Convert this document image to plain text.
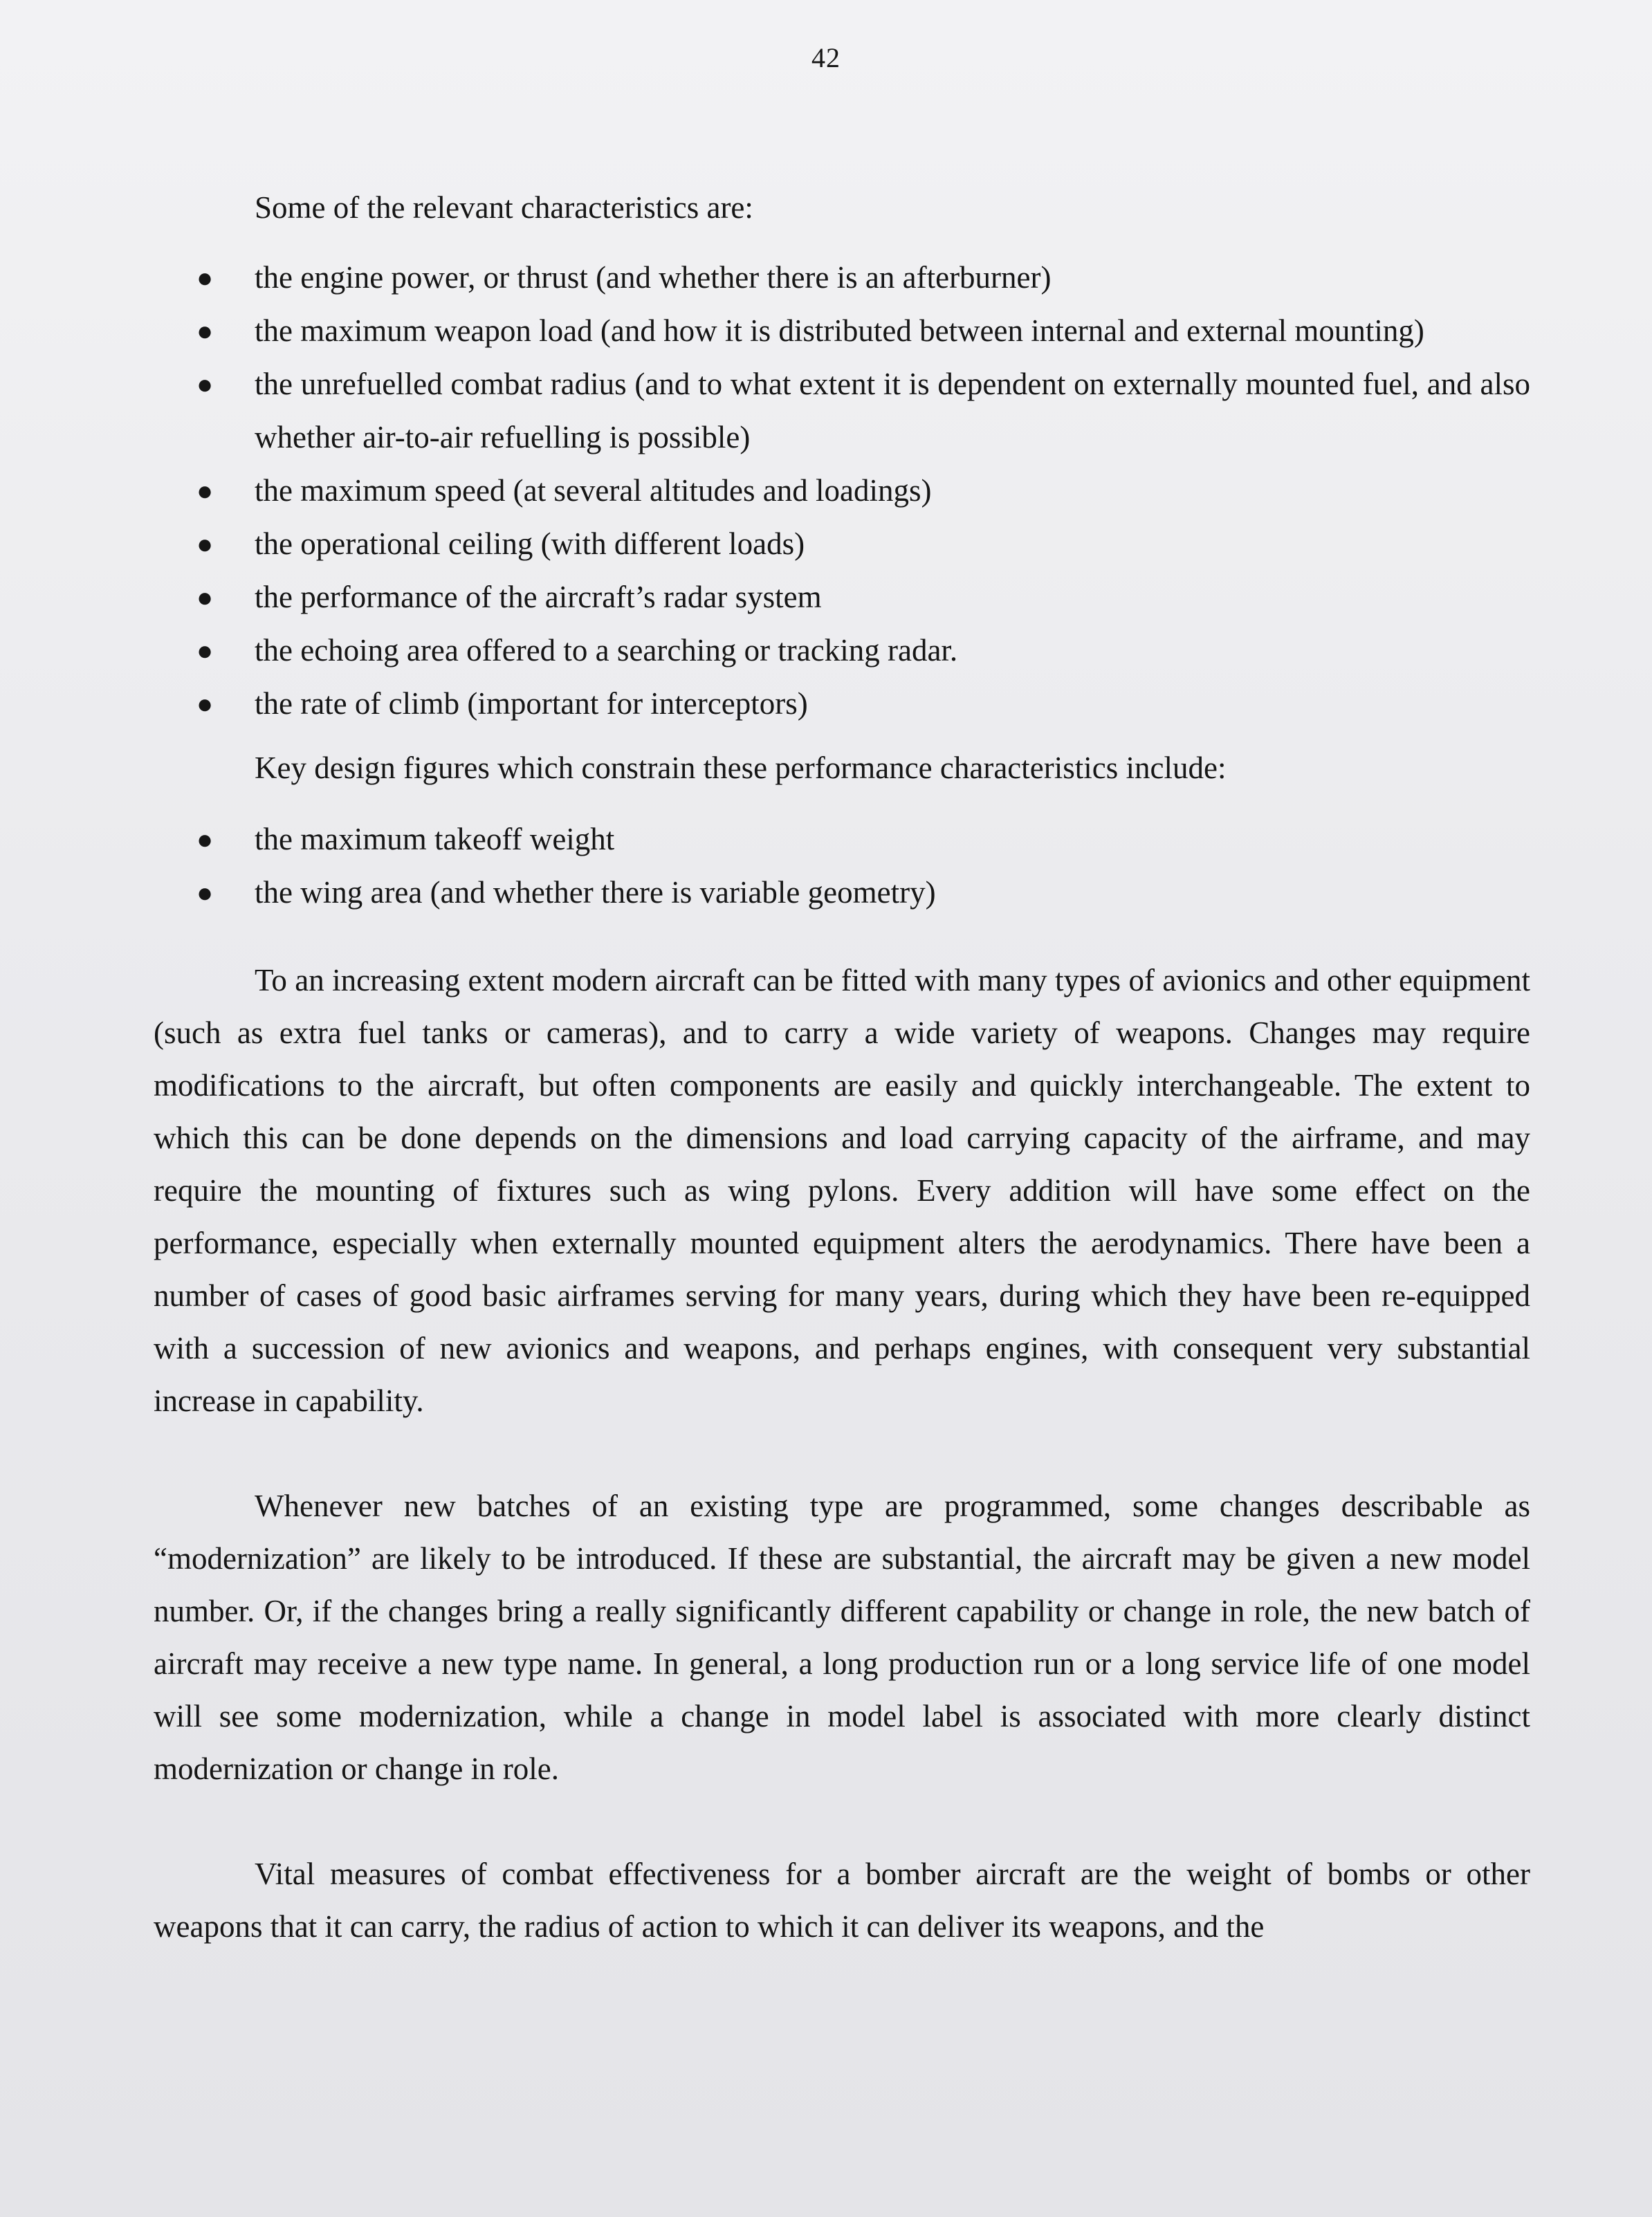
42
Some of the relevant characteristics are:
● the engine power, or thrust (and whether there is an afterburner)
● the maximum weapon load (and how it is distributed between internal and external mounting)
● the unrefuelled combat radius (and to what extent it is dependent on externally mounted fuel, and also whether air-to-air refuelling is possible)
● the maximum speed (at several altitudes and loadings)
● the operational ceiling (with different loads)
● the performance of the aircraft’s radar system
● the echoing area offered to a searching or tracking radar.
● the rate of climb (important for interceptors)
Key design figures which constrain these performance characteristics include:
● the maximum takeoff weight
● the wing area (and whether there is variable geometry)

To an increasing extent modern aircraft can be fitted with many types of avionics and other equipment (such as extra fuel tanks or cameras), and to carry a wide variety of weapons. Changes may require modifications to the aircraft, but often components are easily and quickly interchangeable. The extent to which this can be done depends on the dimensions and load carrying capacity of the airframe, and may require the mounting of fixtures such as wing pylons. Every addition will have some effect on the performance, especially when externally mounted equipment alters the aerodynamics. There have been a number of cases of good basic airframes serving for many years, during which they have been re-equipped with a succession of new avionics and weapons, and perhaps engines, with consequent very substantial increase in capability.

Whenever new batches of an existing type are programmed, some changes describable as “modernization” are likely to be introduced. If these are substantial, the aircraft may be given a new model number. Or, if the changes bring a really significantly different capability or change in role, the new batch of aircraft may receive a new type name. In general, a long production run or a long service life of one model will see some modernization, while a change in model label is associated with more clearly distinct modernization or change in role.

Vital measures of combat effectiveness for a bomber aircraft are the weight of bombs or other weapons that it can carry, the radius of action to which it can deliver its weapons, and the
